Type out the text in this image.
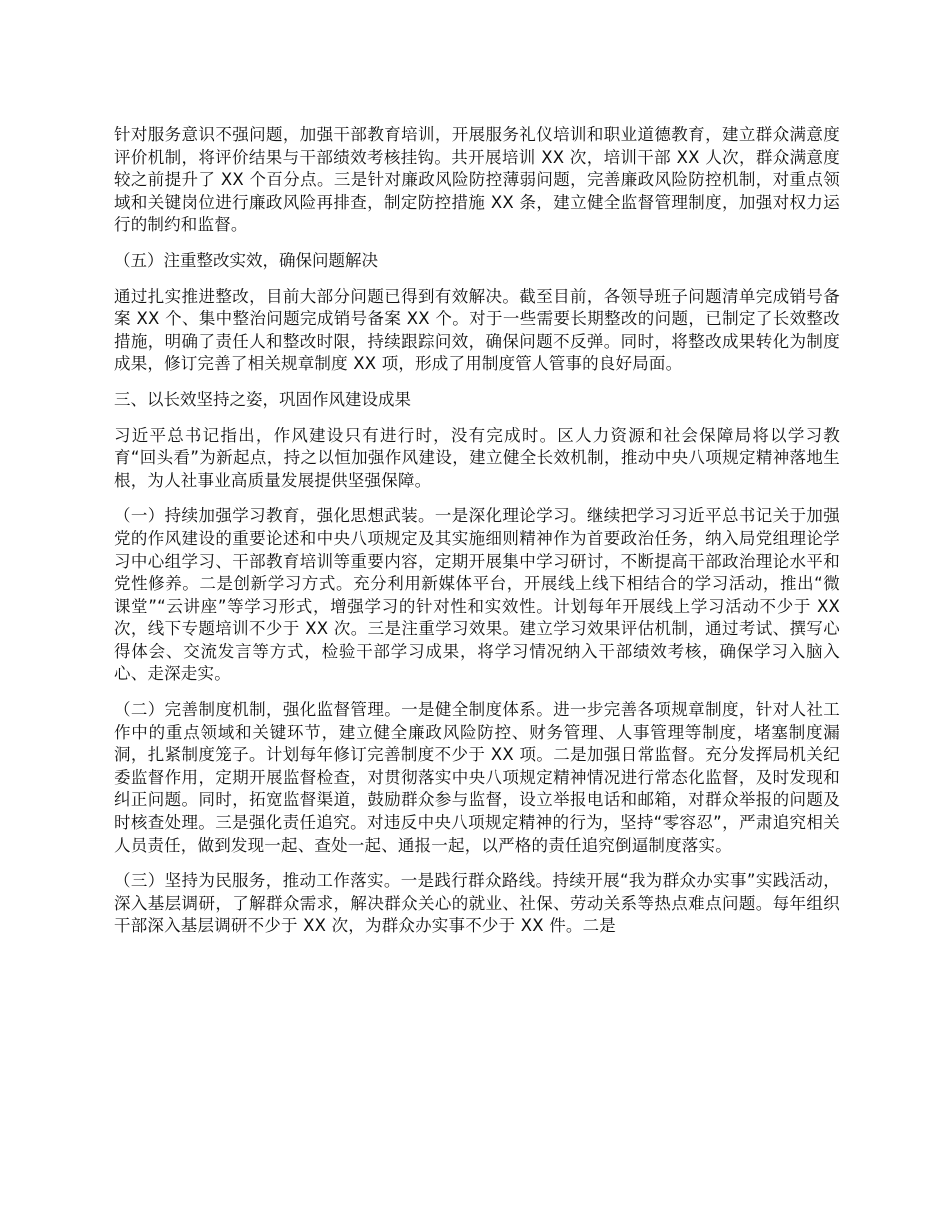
针对服务意识不强问题，加强干部教育培训，开展服务礼仪培训和职业道德教育，建立群众满意度评价机制，将评价结果与干部绩效考核挂钩。共开展培训 XX 次，培训干部 XX 人次，群众满意度较之前提升了 XX 个百分点。三是针对廉政风险防控薄弱问题，完善廉政风险防控机制，对重点领域和关键岗位进行廉政风险再排查，制定防控措施 XX 条，建立健全监督管理制度，加强对权力运行的制约和监督。

（五）注重整改实效，确保问题解决

通过扎实推进整改，目前大部分问题已得到有效解决。截至目前，各领导班子问题清单完成销号备案 XX 个、集中整治问题完成销号备案 XX 个。对于一些需要长期整改的问题，已制定了长效整改措施，明确了责任人和整改时限，持续跟踪问效，确保问题不反弹。同时，将整改成果转化为制度成果，修订完善了相关规章制度 XX 项，形成了用制度管人管事的良好局面。

三、以长效坚持之姿，巩固作风建设成果

习近平总书记指出，作风建设只有进行时，没有完成时。区人力资源和社会保障局将以学习教育“回头看”为新起点，持之以恒加强作风建设，建立健全长效机制，推动中央八项规定精神落地生根，为人社事业高质量发展提供坚强保障。

（一）持续加强学习教育，强化思想武装。一是深化理论学习。继续把学习习近平总书记关于加强党的作风建设的重要论述和中央八项规定及其实施细则精神作为首要政治任务，纳入局党组理论学习中心组学习、干部教育培训等重要内容，定期开展集中学习研讨，不断提高干部政治理论水平和党性修养。二是创新学习方式。充分利用新媒体平台，开展线上线下相结合的学习活动，推出“微课堂”“云讲座”等学习形式，增强学习的针对性和实效性。计划每年开展线上学习活动不少于 XX 次，线下专题培训不少于 XX 次。三是注重学习效果。建立学习效果评估机制，通过考试、撰写心得体会、交流发言等方式，检验干部学习成果，将学习情况纳入干部绩效考核，确保学习入脑入心、走深走实。

（二）完善制度机制，强化监督管理。一是健全制度体系。进一步完善各项规章制度，针对人社工作中的重点领域和关键环节，建立健全廉政风险防控、财务管理、人事管理等制度，堵塞制度漏洞，扎紧制度笼子。计划每年修订完善制度不少于 XX 项。二是加强日常监督。充分发挥局机关纪委监督作用，定期开展监督检查，对贯彻落实中央八项规定精神情况进行常态化监督，及时发现和纠正问题。同时，拓宽监督渠道，鼓励群众参与监督，设立举报电话和邮箱，对群众举报的问题及时核查处理。三是强化责任追究。对违反中央八项规定精神的行为，坚持“零容忍”，严肃追究相关人员责任，做到发现一起、查处一起、通报一起，以严格的责任追究倒逼制度落实。

（三）坚持为民服务，推动工作落实。一是践行群众路线。持续开展“我为群众办实事”实践活动，深入基层调研，了解群众需求，解决群众关心的就业、社保、劳动关系等热点难点问题。每年组织干部深入基层调研不少于 XX 次，为群众办实事不少于 XX 件。二是
